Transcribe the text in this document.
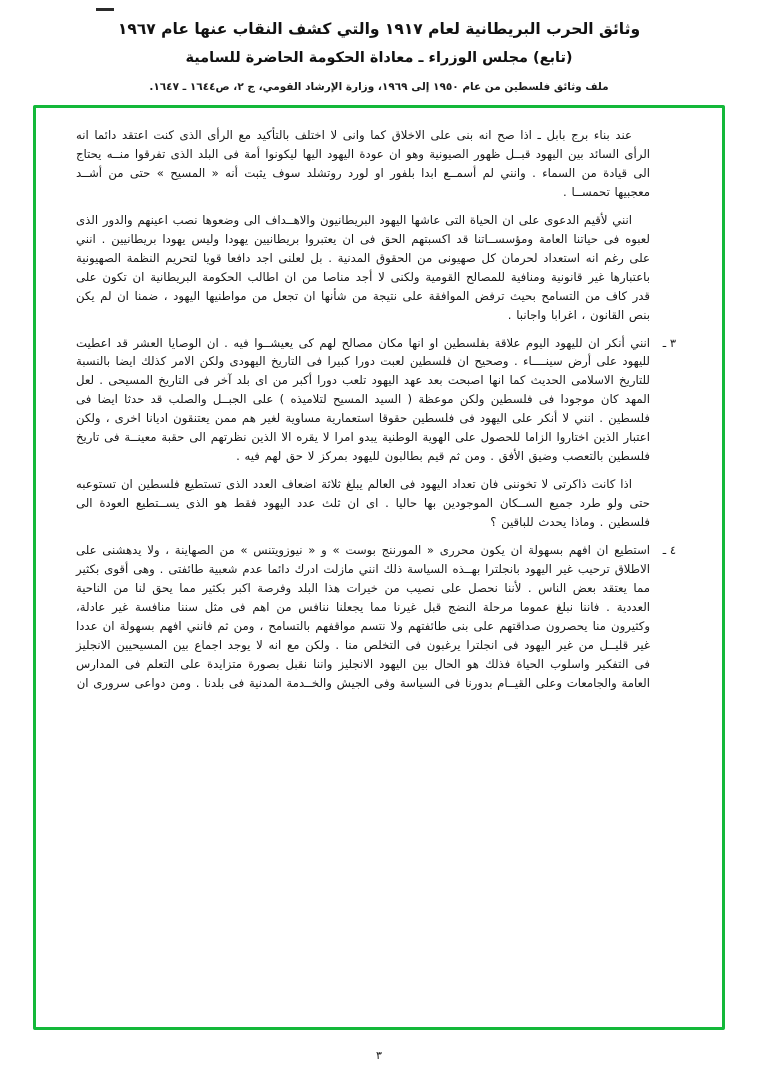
وثائق الحرب البريطانية لعام ١٩١٧ والتي كشف النقاب عنها عام ١٩٦٧
(تابع) مجلس الوزراء ـ معاداة الحكومة الحاضرة للسامية
ملف وثائق فلسطين من عام ١٩٥٠ إلى ١٩٦٩، وزارة الإرشاد القومي، ج ٢، ص١٦٤٤ ـ ١٦٤٧.
عند بناء برج بابل ـ اذا صح انه بنى على الاخلاق كما وانى لا اختلف بالتأكيد مع الرأى الذى كنت اعتقد دائما انه الرأى السائد بين اليهود قبــل ظهور الصيونية وهو ان عودة اليهود اليها ليكونوا أمة فى البلد الذى تفرقوا منــه يحتاج الى قيادة من السماء . وانني لم أسمــع ابدا بلفور او لورد روتشلد سوف يثبت أنه « المسيح » حتى من أشــد معجبيها تحمســا .
انني لأقيم الدعوى على ان الحياة التى عاشها اليهود البريطانيون والاهــداف الى وضعوها نصب اعينهم والدور الذى لعبوه فى حياتنا العامة ومؤسســاتنا قد اكسبتهم الحق فى ان يعتبروا بريطانيين يهودا وليس يهودا بريطانيين . انني على رغم انه استعداد لحرمان كل صهيونى من الحقوق المدنية . بل لعلنى اجد دافعا قويا لتحريم النظمة الصهيونية باعتبارها غير قانونية ومنافية للمصالح القومية ولكنى لا أجد مناصا من ان اطالب الحكومة البريطانية ان تكون على قدر كاف من التسامح بحيث ترفض الموافقة على نتيجة من شأنها ان تجعل من مواطنيها اليهود ، ضمنا ان لم يكن بنص القانون ، اغرابا واجانبا .
٣ ـ
انني أنكر ان لليهود اليوم علاقة بفلسطين او انها مكان مصالح لهم كى يعيشــوا فيه . ان الوصايا العشر قد اعطيت لليهود على أرض سينــــاء . وصحيح ان فلسطين لعبت دورا كبيرا فى التاريخ اليهودى ولكن الامر كذلك ايضا بالنسبة للتاريخ الاسلامى الحديث كما انها اصبحت بعد عهد اليهود تلعب دورا أكبر من اى بلد آخر فى التاريخ المسيحى . لعل المهد كان موجودا فى فلسطين ولكن موعظة ( السيد المسيح لتلاميذه ) على الجبــل والصلب قد حدثا ايضا فى فلسطين . انني لا أنكر على اليهود فى فلسطين حقوقا استعمارية مساوية لغير هم ممن يعتنقون اديانا اخرى ، ولكن اعتبار الذين اختاروا الزاما للحصول على الهوية الوطنية يبدو امرا لا يقره الا الذين نظرتهم الى حقبة معينــة فى تاريخ فلسطين بالتعصب وضيق الأفق . ومن ثم قيم بطالبون لليهود بمركز لا حق لهم فيه .
اذا كانت ذاكرتى لا تخوننى فان تعداد اليهود فى العالم يبلغ ثلاثة اضعاف العدد الذى تستطيع فلسطين ان تستوعبه حتى ولو طرد جميع الســكان الموجودين بها حاليا . اى ان ثلث عدد اليهود فقط هو الذى يســتطيع العودة الى فلسطين . وماذا يحدث للباقين ؟
٤ ـ
استطيع ان افهم بسهولة ان يكون محررى « المورننج بوست » و « نيوزويتنس » من الصهاينة ، ولا يدهشنى على الاطلاق ترحيب غير اليهود بانجلترا بهــذه السياسة ذلك انني مازلت ادرك دائما عدم شعبية طائفتى . وهى أقوى بكثير مما يعتقد بعض الناس . لأننا نحصل على نصيب من خيرات هذا البلد وفرصة اكبر بكثير مما يحق لنا من الناحية العددية . فاننا نبلغ عموما مرحلة النضج قبل غيرنا مما يجعلنا ننافس من اهم فى مثل سننا منافسة غير عادلة، وكثيرون منا يحصرون صداقتهم على بنى طائفتهم ولا نتسم مواقفهم بالتسامح ، ومن ثم فانني افهم بسهولة ان عددا غير قليــل من غير اليهود فى انجلترا يرغبون فى التخلص منا . ولكن مع انه لا يوجد اجماع بين المسيحيين الانجليز فى التفكير واسلوب الحياة فذلك هو الحال بين اليهود الانجليز واننا نقبل بصورة متزايدة على التعلم فى المدارس العامة والجامعات وعلى القيــام بدورنا فى السياسة وفى الجيش والخــدمة المدنية فى بلدنا . ومن دواعى سرورى ان
٣
